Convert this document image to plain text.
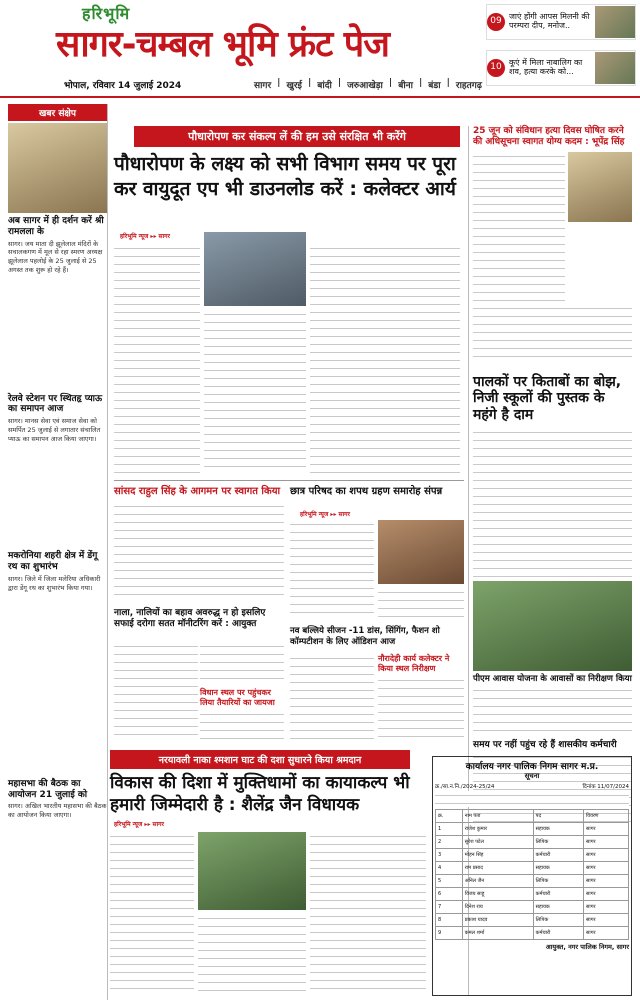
हरिभूमि
सागर-चम्बल भूमि फ्रंट पेज
भोपाल, रविवार 14 जुलाई 2024	सागर | खुरई | बांदी | जरुआखेड़ा | बीना | बंडा | राहतगढ़
09 जाएं होंगी आपस मिलनी की परम्परा दीप, मनोज..
10 कूएं में मिला नाबालिग का शव, हत्या करके को...
खबर संक्षेप
अब सागर में ही दर्शन करें श्री रामलला के
सागर। जय माता दी झूलेलाल मंदिरों के सचालकगण में मूल से रहा स्मरण अध्यक्ष झूलेलाल पहलोई के 25 जुलाई से 25 अगस्त तक शुरू हो रहे हैं।
रेलवे स्टेशन पर स्थितहृ प्याऊ का समापन आज
सागर। मानस सेवा एवं समाज सेवा को समर्पित 25 जुलाई से लगातार संचालित प्याऊ का समापन आज किया जाएगा।
मकरोनिया शहरी क्षेत्र में डेंगू रथ का शुभारंभ
सागर। जिले में जिला मलेरिया अधिकारी द्वारा डेंगू रथ का शुभारंभ किया गया।
महासभा की बैठक का आयोजन 21 जुलाई को
सागर। अखिल भारतीय महासभा की बैठक का आयोजन किया जाएगा।
पौधारोपण कर संकल्प लें की हम उसे संरक्षित भी करेंगे
पौधारोपण के लक्ष्य को सभी विभाग समय पर पूरा कर वायुदूत एप भी डाउनलोड करें : कलेक्टर आर्य
हरिभूमि न्यूज ▸▸ सागर
25 जून को संविधान हत्या दिवस घोषित करने की अधिसूचना स्वागत योग्य कदम : भूपेंद्र सिंह
पालकों पर किताबों का बोझ, निजी स्कूलों की पुस्तक के महंगे है दाम
पीएम आवास योजना के आवासों का निरीक्षण किया
समय पर नहीं पहुंच रहे हैं शासकीय कर्मचारी
सांसद राहुल सिंह के आगमन पर स्वागत किया
नाला, नालियों का बहाव अवरुद्ध न हो इसलिए सफाई दरोगा सतत मॉनीटरिंग करें : आयुक्त
विधान स्थल पर पहुंचकर लिया तैयारियों का जायजा
छात्र परिषद का शपथ ग्रहण समारोह संपन्न
हरिभूमि न्यूज ▸▸ सागर
नव बल्लिये सीजन -11 डांस, सिंगिंग, फैशन शो कॉम्पटीशन के लिए ऑडिशन आज
नौरादेही कार्य कलेक्टर ने किया स्थल निरीक्षण
नरयावली नाका श्मशान घाट की दशा सुधारने किया श्रमदान
विकास की दिशा में मुक्तिधामों का कायाकल्प भी हमारी जिम्मेदारी है : शैलेंद्र जैन विधायक
हरिभूमि न्यूज ▸▸ सागर
कार्यालय नगर पालिक निगम सागर म.प्र.
सूचना
क्र./सा.न.नि./2024-25/24	दिनांक 11/07/2024
क्र.	नाम पता	पद	विवरण
1	राजेश कुमार	सहायक	सागर
2	सुरेश पटेल	लिपिक	सागर
3	मोहन सिंह	कर्मचारी	सागर
4	राम प्रसाद	सहायक	सागर
5	अनिल जैन	लिपिक	सागर
6	विजय साहू	कर्मचारी	सागर
7	दिनेश राय	सहायक	सागर
8	प्रकाश यादव	लिपिक	सागर
9	कमल शर्मा	कर्मचारी	सागर
आयुक्त, नगर पालिक निगम, सागर
